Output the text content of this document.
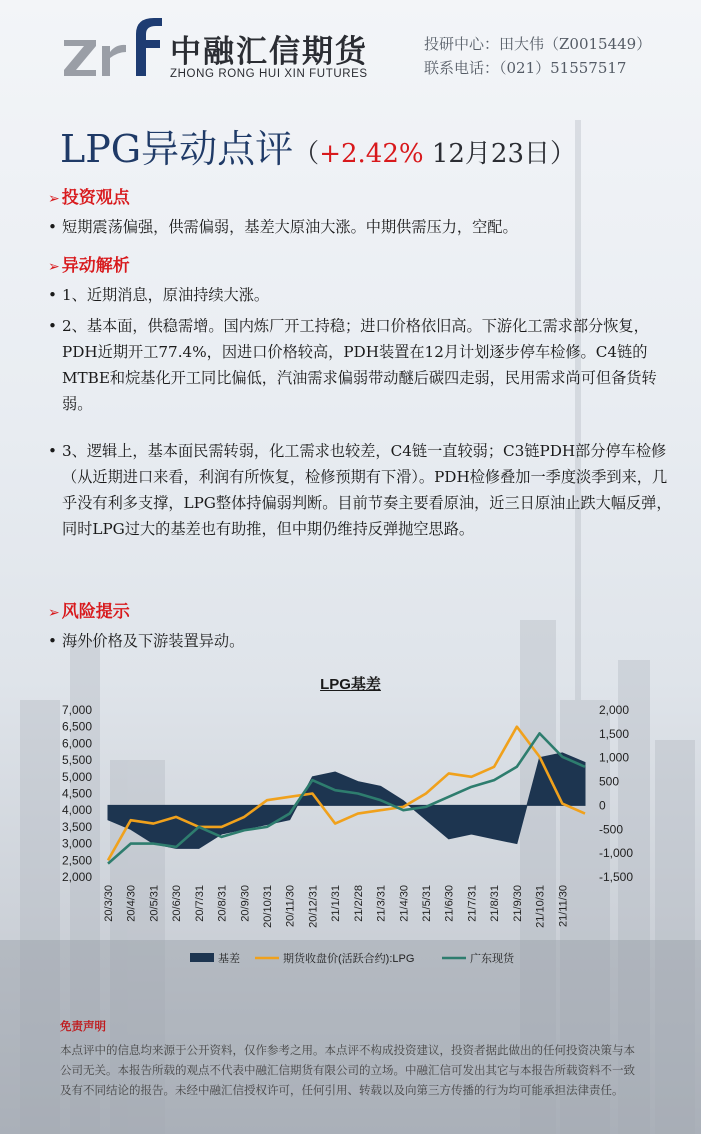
中融汇信期货
ZHONG RONG HUI XIN FUTURES
投研中心：田大伟（Z0015449）
联系电话：（021）51557517
LPG异动点评（+2.42% 12月23日）
➢ 投资观点
• 短期震荡偏强，供需偏弱，基差大原油大涨。中期供需压力，空配。
➢ 异动解析
• 1、近期消息，原油持续大涨。
• 2、基本面，供稳需增。国内炼厂开工持稳；进口价格依旧高。下游化工需求部分恢复，PDH近期开工77.4%，因进口价格较高，PDH装置在12月计划逐步停车检修。C4链的MTBE和烷基化开工同比偏低，汽油需求偏弱带动醚后碳四走弱，民用需求尚可但备货转弱。
• 3、逻辑上，基本面民需转弱，化工需求也较差，C4链一直较弱；C3链PDH部分停车检修（从近期进口来看，利润有所恢复，检修预期有下滑）。PDH检修叠加一季度淡季到来，几乎没有利多支撑，LPG整体持偏弱判断。目前节奏主要看原油，近三日原油止跌大幅反弹，同时LPG过大的基差也有助推，但中期仍维持反弹抛空思路。
➢ 风险提示
• 海外价格及下游装置异动。
LPG基差
2,000
2,500
3,000
3,500
4,000
4,500
5,000
5,500
6,000
6,500
7,000
-1,500
-1,000
-500
0
500
1,000
1,500
2,000
20/3/30 20/4/30 20/5/31 20/6/30 20/7/31 20/8/31 20/9/30 20/10/31 20/11/30 20/12/31 21/1/31 21/2/28 21/3/31 21/4/30 21/5/31 21/6/30 21/7/31 21/8/31 21/9/30 21/10/31 21/11/30
基差	期货收盘价(活跃合约):LPG	广东现货
免责声明
本点评中的信息均来源于公开资料，仅作参考之用。本点评不构成投资建议，投资者据此做出的任何投资决策与本公司无关。本报告所载的观点不代表中融汇信期货有限公司的立场。中融汇信可发出其它与本报告所载资料不一致及有不同结论的报告。未经中融汇信授权许可，任何引用、转载以及向第三方传播的行为均可能承担法律责任。
